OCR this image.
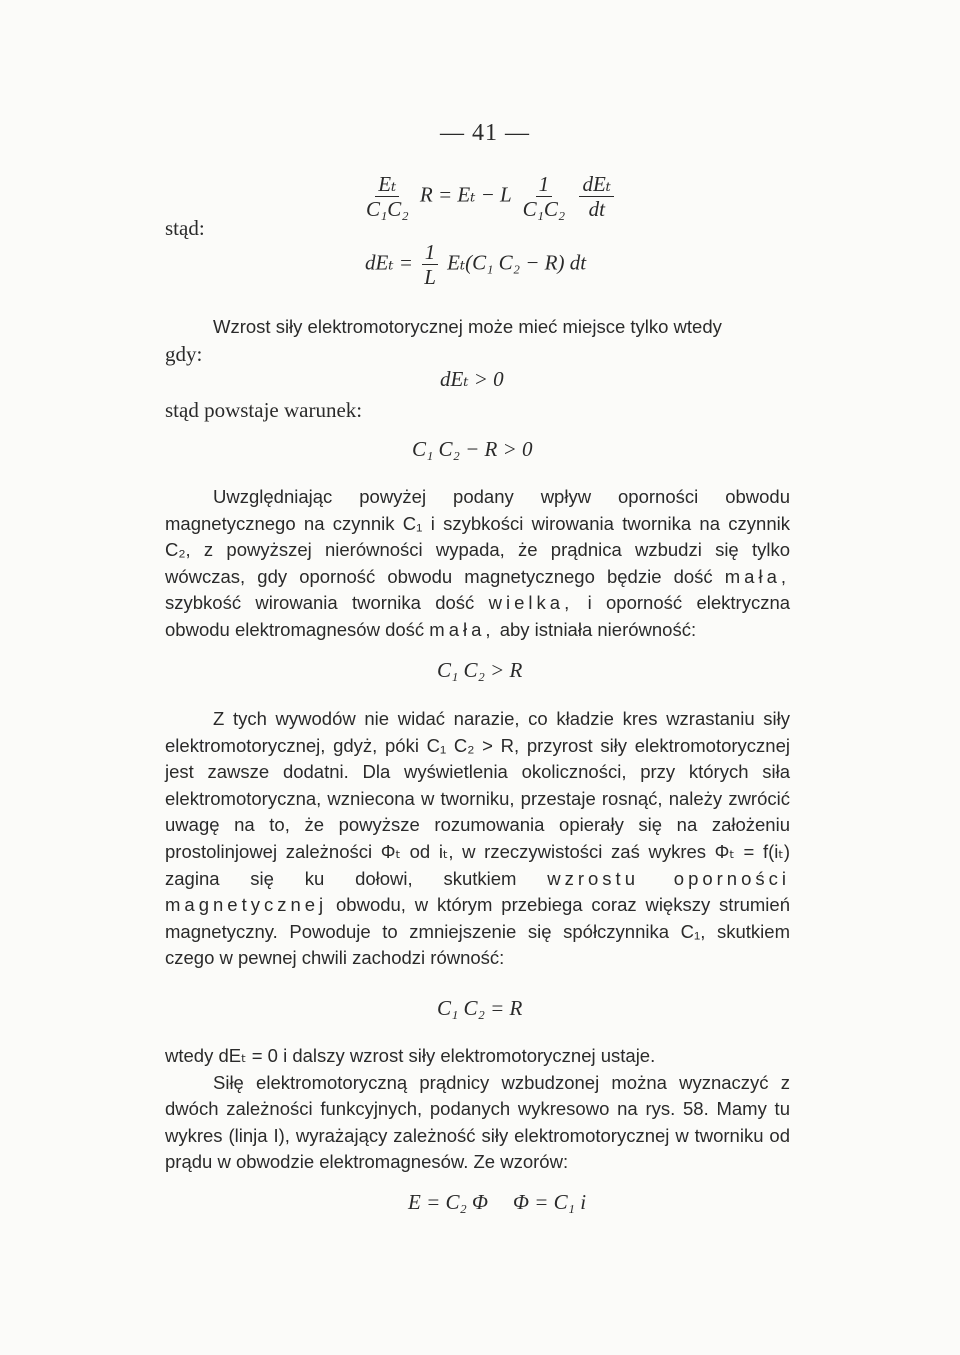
— 41 —
stąd:
$\frac{\text{Eₜ}}{\text{C₁C₂}}$ R = Eₜ − L $\frac{1}{\text{C₁C₂}}$
$\frac{\text{dEₜ}}{dt}$
$dE_t = \frac{1}{L} E_t(C_1$ C₂ − R) dt

Wzrost siły elektromotorycznej może mieć miejsce tylko wtedy

gdy:
dEₜ > 0
stąd powstaje warunek:
C₁ C₂ − R > 0

Uwzględniając powyżej podany wpływ oporności obwodu magnetycznego na czynnik C₁ i szybkości wirowania twornika na czynnik C₂, z powyższej nierówności wypada, że prądnica wzbudzi się tylko wówczas, gdy oporność obwodu magnetycznego będzie dość mała, szybkość wirowania twornika dość wielka, i oporność elektryczna obwodu elektromagnesów dość mała, aby istniała nierówność:

C₁ C₂ > R

Z tych wywodów nie widać narazie, co kładzie kres wzrastaniu siły elektromotorycznej, gdyż, póki C₁ C₂ > R, przyrost siły elektromotorycznej jest zawsze dodatni. Dla wyświetlenia okoliczności, przy których siła elektromotoryczna, wzniecona w tworniku, przestaje rosnąć, należy zwrócić uwagę na to, że powyższe rozumowania opierały się na założeniu prostolinjowej zależności Φₜ od iₜ, w rzeczywistości zaś wykres Φₜ = f(iₜ) zagina się ku dołowi, skutkiem wzrostu oporności magnetycznej obwodu, w którym przebiega coraz większy strumień magnetyczny. Powoduje to zmniejszenie się spółczynnika C₁, skutkiem czego w pewnej chwili zachodzi równość:

C₁ C₂ = R

wtedy dEₜ = 0 i dalszy wzrost siły elektromotorycznej ustaje.

Siłę elektromotoryczną prądnicy wzbudzonej można wyznaczyć z dwóch zależności funkcyjnych, podanych wykresowo na rys. 58. Mamy tu wykres (linja I), wyrażający zależność siły elektromotorycznej w tworniku od prądu w obwodzie elektromagnesów. Ze wzorów:

E = C₂ Φ Φ = C₁ i
